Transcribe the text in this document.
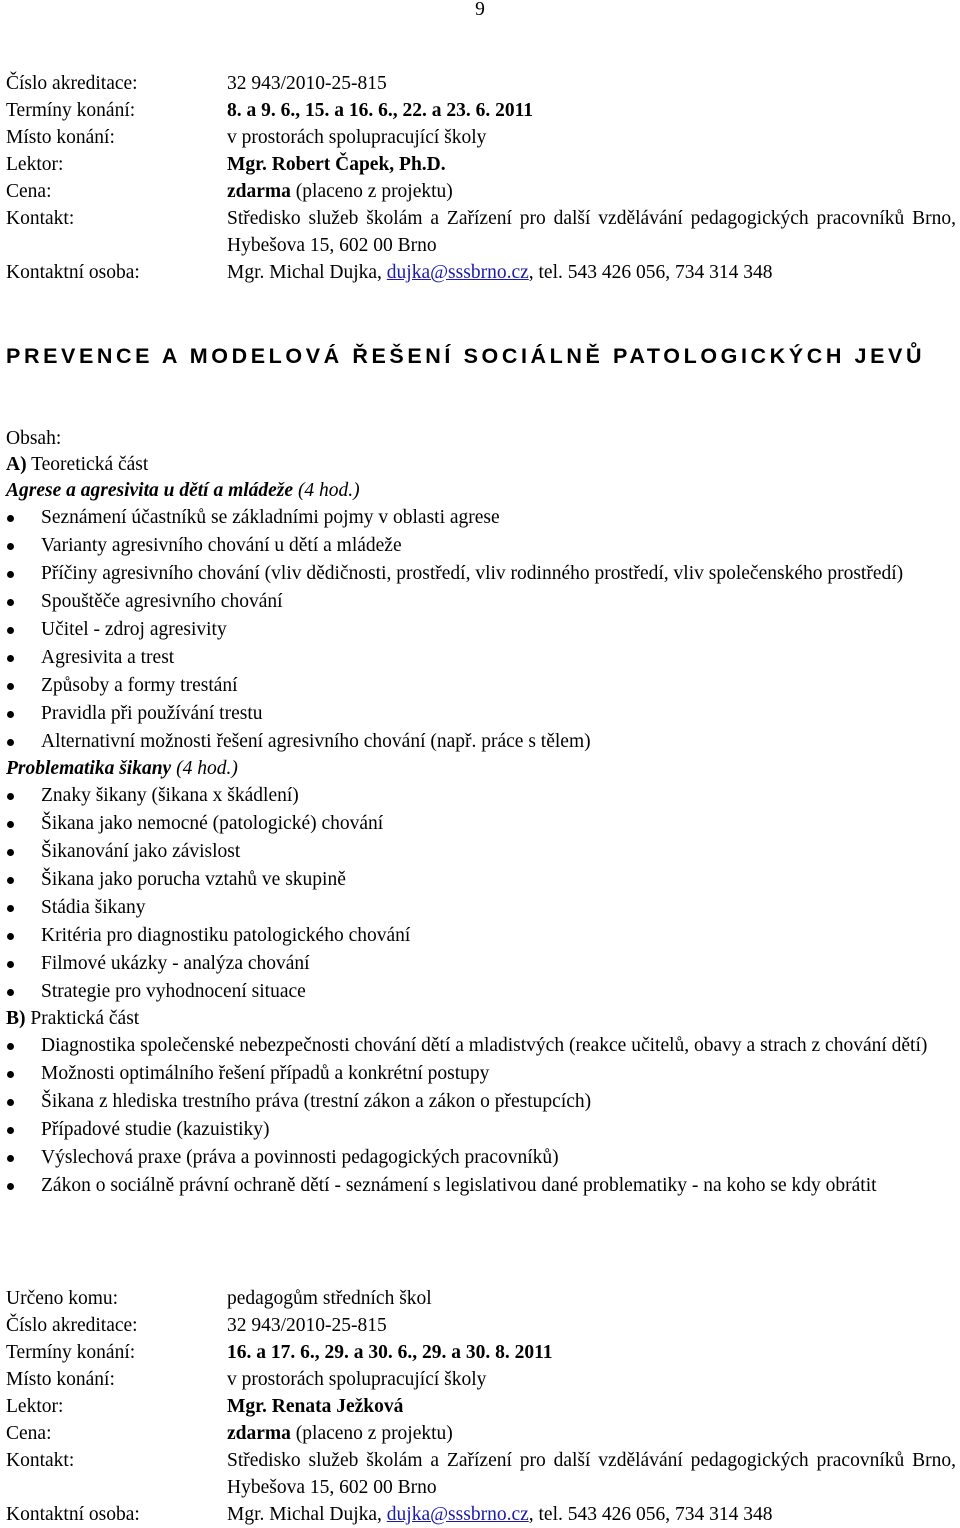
9
Číslo akreditace:	32 943/2010-25-815
Termíny konání:	8. a 9. 6., 15. a 16. 6., 22. a 23. 6. 2011
Místo konání:	v prostorách spolupracující školy
Lektor:	Mgr. Robert Čapek, Ph.D.
Cena:	zdarma (placeno z projektu)
Kontakt:	Středisko služeb školám a Zařízení pro další vzdělávání pedagogických pracovníků Brno, Hybešova 15, 602 00 Brno
Kontaktní osoba:	Mgr. Michal Dujka, dujka@sssbrno.cz, tel. 543 426 056, 734 314 348
PREVENCE A MODELOVÁ ŘEŠENÍ SOCIÁLNĚ PATOLOGICKÝCH JEVŮ
Obsah:
A) Teoretická část
Agrese a agresivita u dětí a mládeže (4 hod.)
Seznámení účastníků se základními pojmy v oblasti agrese
Varianty agresivního chování u dětí a mládeže
Příčiny agresivního chování (vliv dědičnosti, prostředí, vliv rodinného prostředí, vliv společenského prostředí)
Spouštěče agresivního chování
Učitel - zdroj agresivity
Agresivita a trest
Způsoby a formy trestání
Pravidla při používání trestu
Alternativní možnosti řešení agresivního chování (např. práce s tělem)
Problematika šikany (4 hod.)
Znaky šikany (šikana x škádlení)
Šikana jako nemocné (patologické) chování
Šikanování jako závislost
Šikana jako porucha vztahů ve skupině
Stádia šikany
Kritéria pro diagnostiku patologického chování
Filmové ukázky - analýza chování
Strategie pro vyhodnocení situace
B) Praktická část
Diagnostika společenské nebezpečnosti chování dětí a mladistvých (reakce učitelů, obavy a strach z chování dětí)
Možnosti optimálního řešení případů a konkrétní postupy
Šikana z hlediska trestního práva (trestní zákon a zákon o přestupcích)
Případové studie (kazuistiky)
Výslechová praxe (práva a povinnosti pedagogických pracovníků)
Zákon o sociálně právní ochraně dětí - seznámení s legislativou dané problematiky - na koho se kdy obrátit
Určeno komu:	pedagogům středních škol
Číslo akreditace:	32 943/2010-25-815
Termíny konání:	16. a 17. 6., 29. a 30. 6., 29. a 30. 8. 2011
Místo konání:	v prostorách spolupracující školy
Lektor:	Mgr. Renata Ježková
Cena:	zdarma (placeno z projektu)
Kontakt:	Středisko služeb školám a Zařízení pro další vzdělávání pedagogických pracovníků Brno, Hybešova 15, 602 00 Brno
Kontaktní osoba:	Mgr. Michal Dujka, dujka@sssbrno.cz, tel. 543 426 056, 734 314 348
